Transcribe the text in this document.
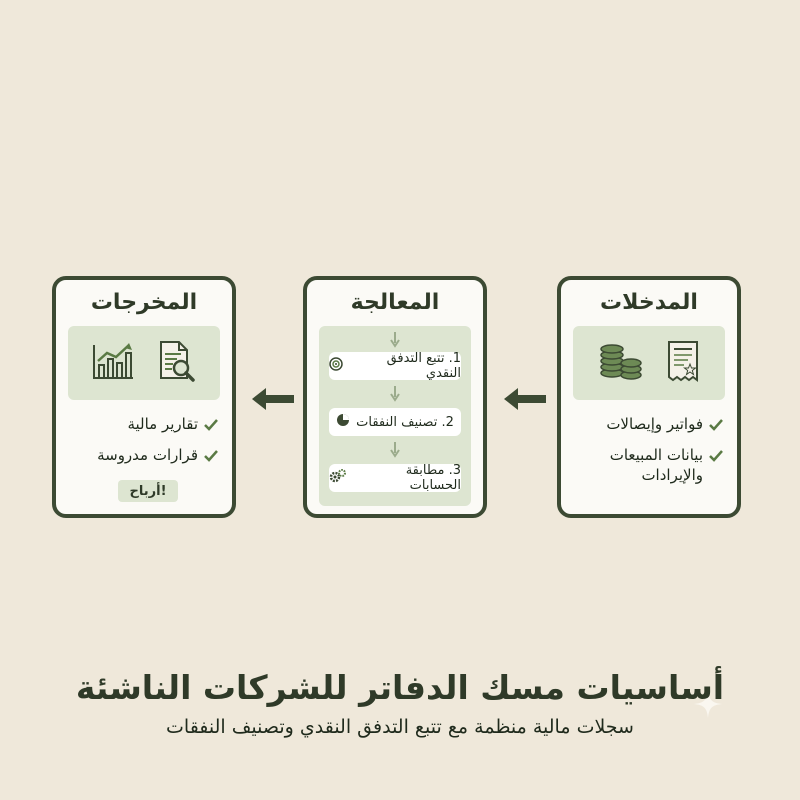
المخرجات
تقارير مالية
قرارات مدروسة
أرباح!
المعالجة
1. تتبع التدفق النقدي
2. تصنيف النفقات
3. مطابقة الحسابات
المدخلات
فواتير وإيصالات
بيانات المبيعات والإيرادات
أساسيات مسك الدفاتر للشركات الناشئة
سجلات مالية منظمة مع تتبع التدفق النقدي وتصنيف النفقات
